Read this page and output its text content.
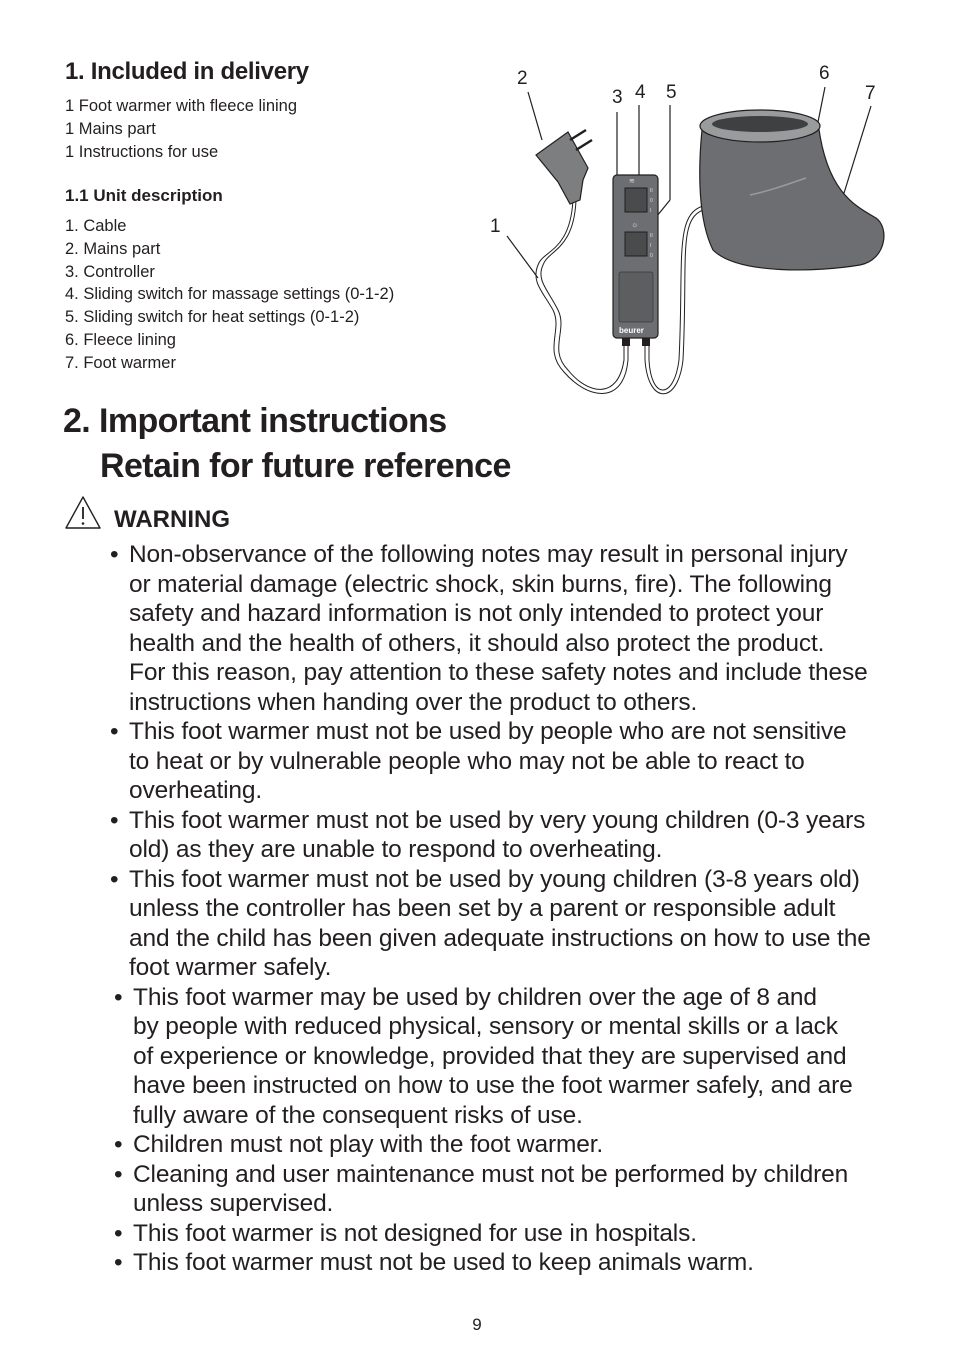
1. Included in delivery
1 Foot warmer with fleece lining
1 Mains part
1 Instructions for use
1.1 Unit description
1. Cable
2. Mains part
3. Controller
4. Sliding switch for massage settings (0-1-2)
5. Sliding switch for heat settings (0-1-2)
6. Fleece lining
7. Foot warmer
2
3 4 5
6
7
1
≋
☼
II
0
I
II
I
0
beurer
2. Important instructions
Retain for future reference
WARNING
• Non-observance of the following notes may result in personal injury
or material damage (electric shock, skin burns, fire). The following
safety and hazard information is not only intended to protect your
health and the health of others, it should also protect the product.
For this reason, pay attention to these safety notes and include these
instructions when handing over the product to others.
• This foot warmer must not be used by people who are not sensitive
to heat or by vulnerable people who may not be able to react to
overheating.
• This foot warmer must not be used by very young children (0-3 years
old) as they are unable to respond to overheating.
• This foot warmer must not be used by young children (3-8 years old)
unless the controller has been set by a parent or responsible adult
and the child has been given adequate instructions on how to use the
foot warmer safely.
• This foot warmer may be used by children over the age of 8 and
by people with reduced physical, sensory or mental skills or a lack
of experience or knowledge, provided that they are supervised and
have been instructed on how to use the foot warmer safely, and are
fully aware of the consequent risks of use.
• Children must not play with the foot warmer.
• Cleaning and user maintenance must not be performed by children
unless supervised.
• This foot warmer is not designed for use in hospitals.
• This foot warmer must not be used to keep animals warm.
9
